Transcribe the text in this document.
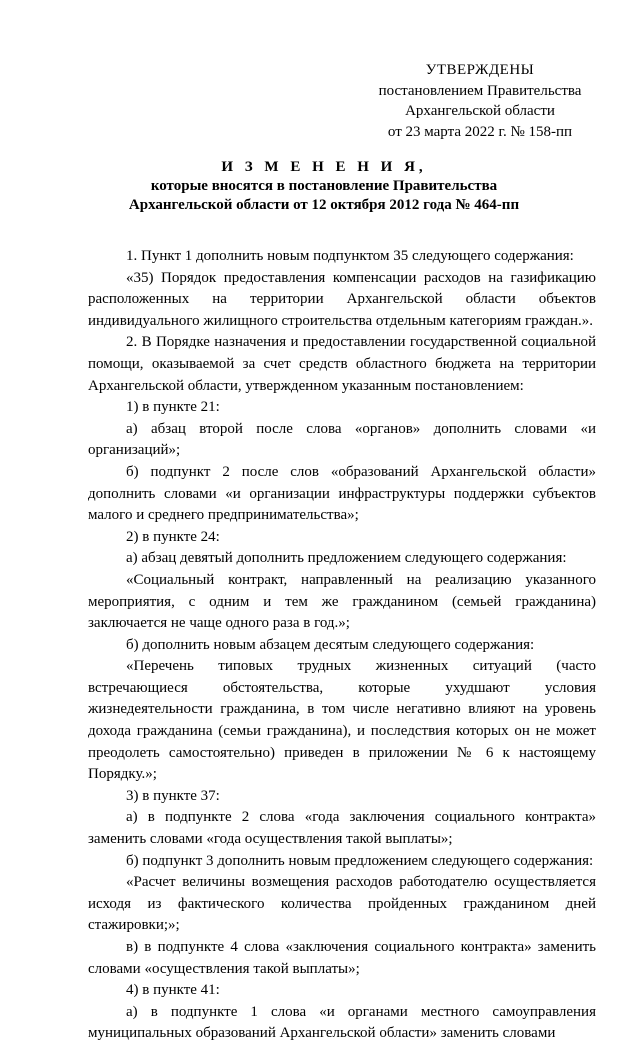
УТВЕРЖДЕНЫ
постановлением Правительства
Архангельской области
от 23 марта 2022 г. № 158-пп
И З М Е Н Е Н И Я,
которые вносятся в постановление Правительства
Архангельской области от 12 октября 2012 года № 464-пп

1. Пункт 1 дополнить новым подпунктом 35 следующего содержания:

«35) Порядок предоставления компенсации расходов на газификацию расположенных на территории Архангельской области объектов индивидуального жилищного строительства отдельным категориям граждан.».

2. В Порядке назначения и предоставлении государственной социальной помощи, оказываемой за счет средств областного бюджета на территории Архангельской области, утвержденном указанным постановлением:

1) в пункте 21:

а) абзац второй после слова «органов» дополнить словами «и организаций»;

б) подпункт 2 после слов «образований Архангельской области» дополнить словами «и организации инфраструктуры поддержки субъектов малого и среднего предпринимательства»;

2) в пункте 24:

а) абзац девятый дополнить предложением следующего содержания:

«Социальный контракт, направленный на реализацию указанного мероприятия, с одним и тем же гражданином (семьей гражданина) заключается не чаще одного раза в год.»;

б) дополнить новым абзацем десятым следующего содержания:

«Перечень типовых трудных жизненных ситуаций (часто встречающиеся обстоятельства, которые ухудшают условия жизнедеятельности гражданина, в том числе негативно влияют на уровень дохода гражданина (семьи гражданина), и последствия которых он не может преодолеть самостоятельно) приведен в приложении № 6 к настоящему Порядку.»;

3) в пункте 37:

а) в подпункте 2 слова «года заключения социального контракта» заменить словами «года осуществления такой выплаты»;

б) подпункт 3 дополнить новым предложением следующего содержания:

«Расчет величины возмещения расходов работодателю осуществляется исходя из фактического количества пройденных гражданином дней стажировки;»;

в) в подпункте 4 слова «заключения социального контракта» заменить словами «осуществления такой выплаты»;

4) в пункте 41:

а) в подпункте 1 слова «и органами местного самоуправления муниципальных образований Архангельской области» заменить словами
